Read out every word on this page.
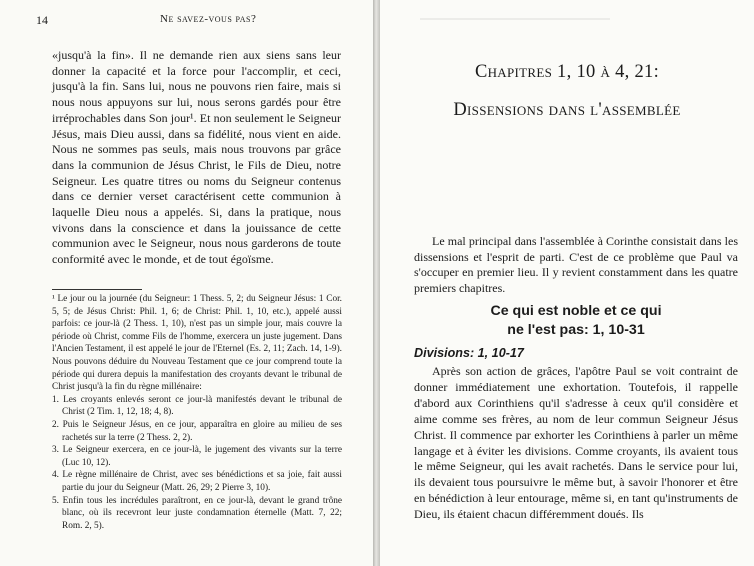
14	Ne savez-vous pas?

«jusqu'à la fin». Il ne demande rien aux siens sans leur donner la capacité et la force pour l'accomplir, et ceci, jusqu'à la fin. Sans lui, nous ne pouvons rien faire, mais si nous nous appuyons sur lui, nous serons gardés pour être irréprochables dans Son jour¹. Et non seulement le Seigneur Jésus, mais Dieu aussi, dans sa fidélité, nous vient en aide. Nous ne sommes pas seuls, mais nous trouvons par grâce dans la communion de Jésus Christ, le Fils de Dieu, notre Seigneur. Les quatre titres ou noms du Seigneur contenus dans ce dernier verset caractérisent cette communion à laquelle Dieu nous a appelés. Si, dans la pratique, nous vivons dans la conscience et dans la jouissance de cette communion avec le Seigneur, nous nous garderons de toute conformité avec le monde, et de tout égoïsme.

¹ Le jour ou la journée (du Seigneur: 1 Thess. 5, 2; du Seigneur Jésus: 1 Cor. 5, 5; de Jésus Christ: Phil. 1, 6; de Christ: Phil. 1, 10, etc.), appelé aussi parfois: ce jour-là (2 Thess. 1, 10), n'est pas un simple jour, mais couvre la période où Christ, comme Fils de l'homme, exercera un juste jugement. Dans l'Ancien Testament, il est appelé le jour de l'Eternel (Es. 2, 11; Zach. 14, 1-9). Nous pouvons déduire du Nouveau Testament que ce jour comprend toute la période qui durera depuis la manifestation des croyants devant le tribunal de Christ jusqu'à la fin du règne millénaire:

1. Les croyants enlevés seront ce jour-là manifestés devant le tribunal de Christ (2 Tim. 1, 12, 18; 4, 8).
2. Puis le Seigneur Jésus, en ce jour, apparaîtra en gloire au milieu de ses rachetés sur la terre (2 Thess. 2, 2).
3. Le Seigneur exercera, en ce jour-là, le jugement des vivants sur la terre (Luc 10, 12).
4. Le règne millénaire de Christ, avec ses bénédictions et sa joie, fait aussi partie du jour du Seigneur (Matt. 26, 29; 2 Pierre 3, 10).
5. Enfin tous les incrédules paraîtront, en ce jour-là, devant le grand trône blanc, où ils recevront leur juste condamnation éternelle (Matt. 7, 22; Rom. 2, 5).
Chapitres 1, 10 à 4, 21:
Dissensions dans l'assemblée

Le mal principal dans l'assemblée à Corinthe consistait dans les dissensions et l'esprit de parti. C'est de ce problème que Paul va s'occuper en premier lieu. Il y revient constamment dans les quatre premiers chapitres.

Ce qui est noble et ce qui
ne l'est pas: 1, 10-31
Divisions: 1, 10-17

Après son action de grâces, l'apôtre Paul se voit contraint de donner immédiatement une exhortation. Toutefois, il rappelle d'abord aux Corinthiens qu'il s'adresse à ceux qu'il considère et aime comme ses frères, au nom de leur commun Seigneur Jésus Christ. Il commence par exhorter les Corinthiens à parler un même langage et à éviter les divisions. Comme croyants, ils avaient tous le même Seigneur, qui les avait rachetés. Dans le service pour lui, ils devaient tous poursuivre le même but, à savoir l'honorer et être en bénédiction à leur entourage, même si, en tant qu'instruments de Dieu, ils étaient chacun différemment doués. Ils
